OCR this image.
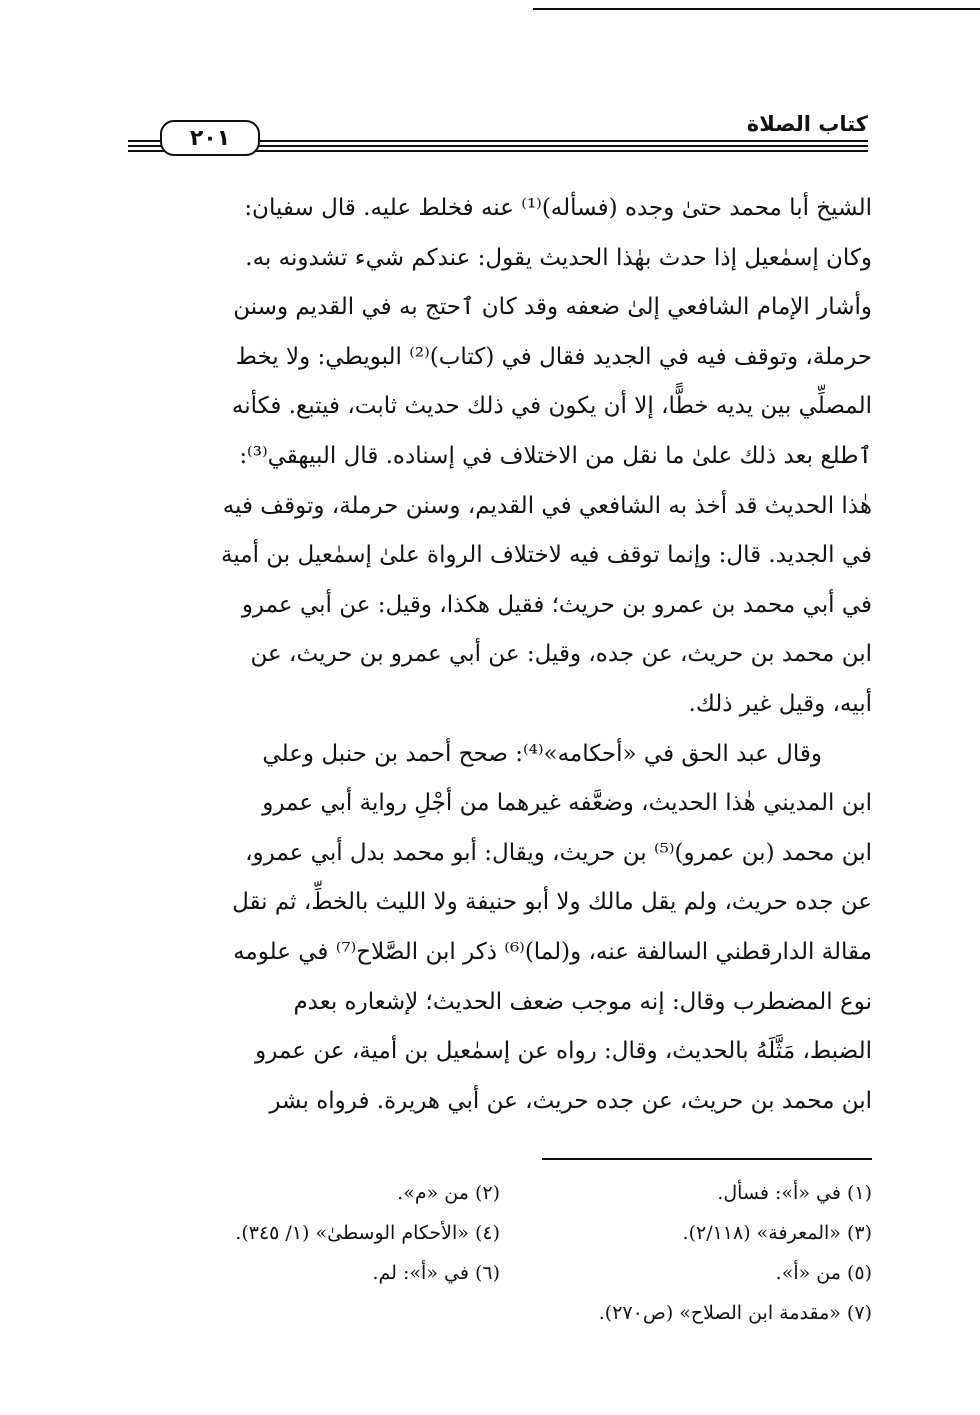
كتاب الصلاة
٢٠١
الشيخ أبا محمد حتىٰ وجده (فسأله)⁽¹⁾ عنه فخلط عليه. قال سفيان:
وكان إسمٰعيل إذا حدث بهٰذا الحديث يقول: عندكم شيء تشدونه به.
وأشار الإمام الشافعي إلىٰ ضعفه وقد كان ٱحتج به في القديم وسنن
حرملة، وتوقف فيه في الجديد فقال في (كتاب)⁽²⁾ البويطي: ولا يخط
المصلِّي بين يديه خطًّا، إلا أن يكون في ذلك حديث ثابت، فيتبع. فكأنه
ٱطلع بعد ذلك علىٰ ما نقل من الاختلاف في إسناده. قال البيهقي⁽³⁾:
هٰذا الحديث قد أخذ به الشافعي في القديم، وسنن حرملة، وتوقف فيه
في الجديد. قال: وإنما توقف فيه لاختلاف الرواة علىٰ إسمٰعيل بن أمية
في أبي محمد بن عمرو بن حريث؛ فقيل هكذا، وقيل: عن أبي عمرو
ابن محمد بن حريث، عن جده، وقيل: عن أبي عمرو بن حريث، عن
أبيه، وقيل غير ذلك.
وقال عبد الحق في «أحكامه»⁽⁴⁾: صحح أحمد بن حنبل وعلي
ابن المديني هٰذا الحديث، وضعَّفه غيرهما من أجْلِ رواية أبي عمرو
ابن محمد (بن عمرو)⁽⁵⁾ بن حريث، ويقال: أبو محمد بدل أبي عمرو،
عن جده حريث، ولم يقل مالك ولا أبو حنيفة ولا الليث بالخطِّ، ثم نقل
مقالة الدارقطني السالفة عنه، و(لما)⁽⁶⁾ ذكر ابن الصَّلاح⁽⁷⁾ في علومه
نوع المضطرب وقال: إنه موجب ضعف الحديث؛ لإشعاره بعدم
الضبط، مَثَّلَهُ بالحديث، وقال: رواه عن إسمٰعيل بن أمية، عن عمرو
ابن محمد بن حريث، عن جده حريث، عن أبي هريرة. فرواه بشر
(١) في «أ»: فسأل.
(٢) من «م».
(٣) «المعرفة» (٢/١١٨).
(٤) «الأحكام الوسطىٰ» (١/ ٣٤٥).
(٥) من «أ».
(٦) في «أ»: لم.
(٧) «مقدمة ابن الصلاح» (ص٢٧٠).
